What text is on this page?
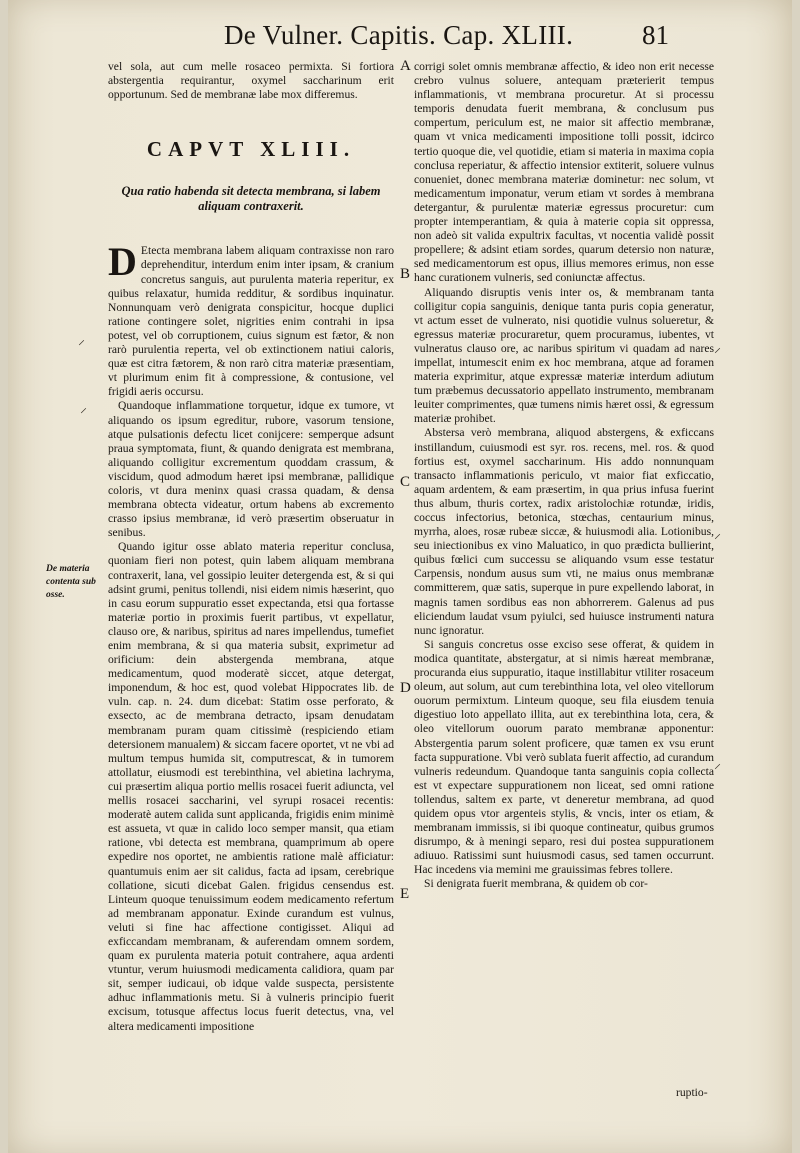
De Vulner. Capitis. Cap. XLIII.	81

vel sola, aut cum melle rosaceo permixta. Si fortiora abstergentia requirantur, oxymel saccharinum erit opportunum. Sed de membranæ labe mox differemus.

CAPVT XLIII.

Qua ratio habenda sit detecta membrana, si labem aliquam contraxerit.

D Etecta membrana labem aliquam contraxisse non raro deprehenditur, interdum enim inter ipsam, & cranium concretus sanguis, aut purulenta materia reperitur, ex quibus relaxatur, humida redditur, & sordibus inquinatur. Nonnunquam verò denigrata conspicitur, hocque duplici ratione contingere solet, nigrities enim contrahi in ipsa potest, vel ob corruptionem, cuius signum est fætor, & non rarò purulentia reperta, vel ob extinctionem natiui caloris, quæ est citra fætorem, & non rarò citra materiæ præsentiam, vt plurimum enim fit à compressione, & contusione, vel frigidi aeris occursu.

Quandoque inflammatione torquetur, idque ex tumore, vt aliquando os ipsum egreditur, rubore, vasorum tensione, atque pulsationis defectu licet conijcere: semperque adsunt praua symptomata, fiunt, & quando denigrata est membrana, aliquando colligitur excrementum quoddam crassum, & viscidum, quod admodum hæret ipsi membranæ, pallidique coloris, vt dura meninx quasi crassa quadam, & densa membrana obtecta videatur, ortum habens ab excremento crasso ipsius membranæ, id verò præsertim obseruatur in senibus.

Quando igitur osse ablato materia reperitur conclusa, quoniam fieri non potest, quin labem aliquam membrana contraxerit, lana, vel gossipio leuiter detergenda est, & si qui adsint grumi, penitus tollendi, nisi eidem nimis hæserint, quo in casu eorum suppuratio esset expectanda, etsi qua fortasse materiæ portio in proximis fuerit partibus, vt expellatur, clauso ore, & naribus, spiritus ad nares impellendus, tumefiet enim membrana, & si qua materia subsit, exprimetur ad orificium: dein abstergenda membrana, atque medicamentum, quod moderatè siccet, atque detergat, imponendum, & hoc est, quod volebat Hippocrates lib. de vuln. cap. n. 24. dum dicebat: Statim osse perforato, & exsecto, ac de membrana detracto, ipsam denudatam membranam puram quam citissimè (respiciendo etiam detersionem manualem) & siccam facere oportet, vt ne vbi ad multum tempus humida sit, computrescat, & in tumorem attollatur, eiusmodi est terebinthina, vel abietina lachryma, cui præsertim aliqua portio mellis rosacei fuerit adiuncta, vel mellis rosacei saccharini, vel syrupi rosacei recentis: moderatè autem calida sunt applicanda, frigidis enim minimè est assueta, vt quæ in calido loco semper mansit, qua etiam ratione, vbi detecta est membrana, quamprimum ab opere expedire nos oportet, ne ambientis ratione malè afficiatur: quantumuis enim aer sit calidus, facta ad ipsam, cerebrique collatione, sicuti dicebat Galen. frigidus censendus est. Linteum quoque tenuissimum eodem medicamento refertum ad membranam apponatur. Exinde curandum est vulnus, veluti si fine hac affectione contigisset. Aliqui ad exficcandam membranam, & auferendam omnem sordem, quam ex purulenta materia potuit contrahere, aqua ardenti vtuntur, verum huiusmodi medicamenta calidiora, quam par sit, semper iudicaui, ob idque valde suspecta, persistente adhuc inflammationis metu. Si à vulneris principio fuerit excisum, totusque affectus locus fuerit detectus, vna, vel altera medicamenti impositione

corrigi solet omnis membranæ affectio, & ideo non erit necesse crebro vulnus soluere, antequam præterierit tempus inflammationis, vt membrana procuretur. At si processu temporis denudata fuerit membrana, & conclusum pus compertum, periculum est, ne maior sit affectio membranæ, quam vt vnica medicamenti impositione tolli possit, idcirco tertio quoque die, vel quotidie, etiam si materia in maxima copia conclusa reperiatur, & affectio intensior extiterit, soluere vulnus conueniet, donec membrana materiæ dominetur: nec solum, vt medicamentum imponatur, verum etiam vt sordes à membrana detergantur, & purulentæ materiæ egressus procuretur: cum propter intemperantiam, & quia à materie copia sit oppressa, non adeò sit valida expultrix facultas, vt nocentia validè possit propellere; & adsint etiam sordes, quarum detersio non naturæ, sed medicamentorum est opus, illius memores erimus, non esse hanc curationem vulneris, sed coniunctæ affectus.

Aliquando disruptis venis inter os, & membranam tanta colligitur copia sanguinis, denique tanta puris copia generatur, vt actum esset de vulnerato, nisi quotidie vulnus solueretur, & egressus materiæ procuraretur, quem procuramus, iubentes, vt vulneratus clauso ore, ac naribus spiritum vi quadam ad nares impellat, intumescit enim ex hoc membrana, atque ad foramen materia exprimitur, atque expressæ materiæ interdum adiutum tum præbemus decussatorio appellato instrumento, membranam leuiter comprimentes, quæ tumens nimis hæret ossi, & egressum materiæ prohibet.

Abstersa verò membrana, aliquod abstergens, & exficcans instillandum, cuiusmodi est syr. ros. recens, mel. ros. & quod fortius est, oxymel saccharinum. His addo nonnunquam transacto inflammationis periculo, vt maior fiat exficcatio, aquam ardentem, & eam præsertim, in qua prius infusa fuerint thus album, thuris cortex, radix aristolochiæ rotundæ, iridis, coccus infectorius, betonica, stœchas, centaurium minus, myrrha, aloes, rosæ rubeæ siccæ, & huiusmodi alia. Lotionibus, seu iniectionibus ex vino Maluatico, in quo prædicta bullierint, quibus fœlici cum successu se aliquando vsum esse testatur Carpensis, nondum ausus sum vti, ne maius onus membranæ committerem, quæ satis, superque in pure expellendo laborat, in magnis tamen sordibus eas non abhorrerem. Galenus ad pus eliciendum laudat vsum pyiulci, sed huiusce instrumenti natura nunc ignoratur.

Si sanguis concretus osse exciso sese offerat, & quidem in modica quantitate, abstergatur, at si nimis hæreat membranæ, procuranda eius suppuratio, itaque instillabitur vtiliter rosaceum oleum, aut solum, aut cum terebinthina lota, vel oleo vitellorum ouorum permixtum. Linteum quoque, seu fila eiusdem tenuia digestiuo loto appellato illita, aut ex terebinthina lota, cera, & oleo vitellorum ouorum parato membranæ apponentur: Abstergentia parum solent proficere, quæ tamen ex vsu erunt facta suppuratione. Vbi verò sublata fuerit affectio, ad curandum vulneris redeundum. Quandoque tanta sanguinis copia collecta est vt expectare suppurationem non liceat, sed omni ratione tollendus, saltem ex parte, vt deneretur membrana, ad quod quidem opus vtor argenteis stylis, & vncis, inter os etiam, & membranam immissis, si ibi quoque contineatur, quibus grumos disrumpo, & à meningi separo, resi dui postea suppurationem adiuuo. Ratissimi sunt huiusmodi casus, sed tamen occurrunt. Hac incedens via memini me grauissimas febres tollere.

Si denigrata fuerit membrana, & quidem ob cor-

ruptio-
De materia contenta sub osse.
A
B
C
D
E
⸍
⸍
⸝
⸝
⸝
